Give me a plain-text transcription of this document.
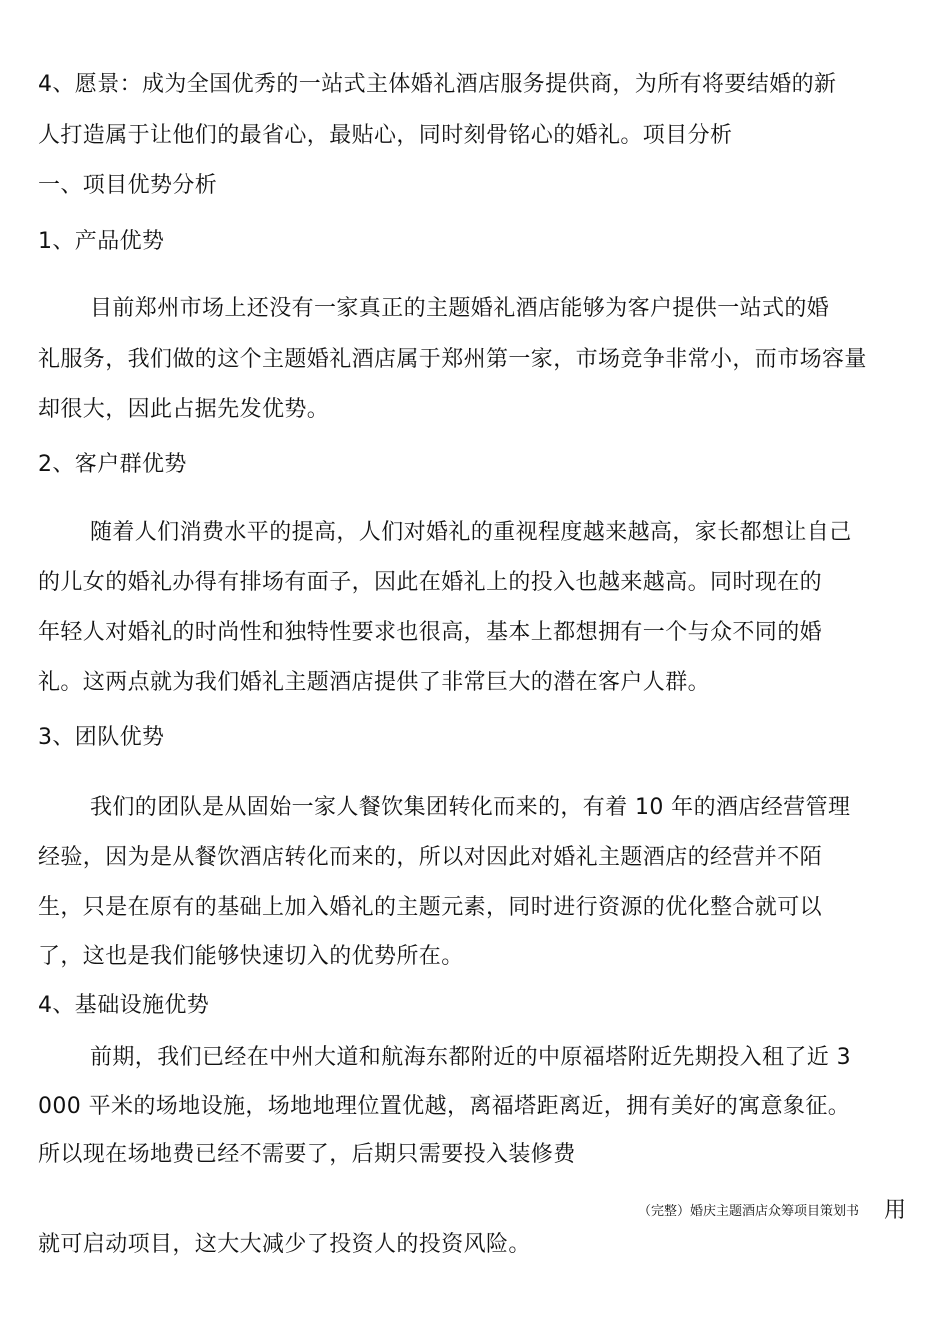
4、愿景：成为全国优秀的一站式主体婚礼酒店服务提供商，为所有将要结婚的新
人打造属于让他们的最省心，最贴心，同时刻骨铭心的婚礼。项目分析
一、项目优势分析
1、产品优势
目前郑州市场上还没有一家真正的主题婚礼酒店能够为客户提供一站式的婚
礼服务，我们做的这个主题婚礼酒店属于郑州第一家，市场竞争非常小，而市场容量
却很大，因此占据先发优势。
2、客户群优势
随着人们消费水平的提高，人们对婚礼的重视程度越来越高，家长都想让自己
的儿女的婚礼办得有排场有面子，因此在婚礼上的投入也越来越高。同时现在的
年轻人对婚礼的时尚性和独特性要求也很高，基本上都想拥有一个与众不同的婚
礼。这两点就为我们婚礼主题酒店提供了非常巨大的潜在客户人群。
3、团队优势
我们的团队是从固始一家人餐饮集团转化而来的，有着 10 年的酒店经营管理
经验，因为是从餐饮酒店转化而来的，所以对因此对婚礼主题酒店的经营并不陌
生，只是在原有的基础上加入婚礼的主题元素，同时进行资源的优化整合就可以
了，这也是我们能够快速切入的优势所在。
4、基础设施优势
前期，我们已经在中州大道和航海东都附近的中原福塔附近先期投入租了近 3
000 平米的场地设施，场地地理位置优越，离福塔距离近，拥有美好的寓意象征。
所以现在场地费已经不需要了，后期只需要投入装修费
（完整）婚庆主题酒店众筹项目策划书 用
就可启动项目，这大大减少了投资人的投资风险。
